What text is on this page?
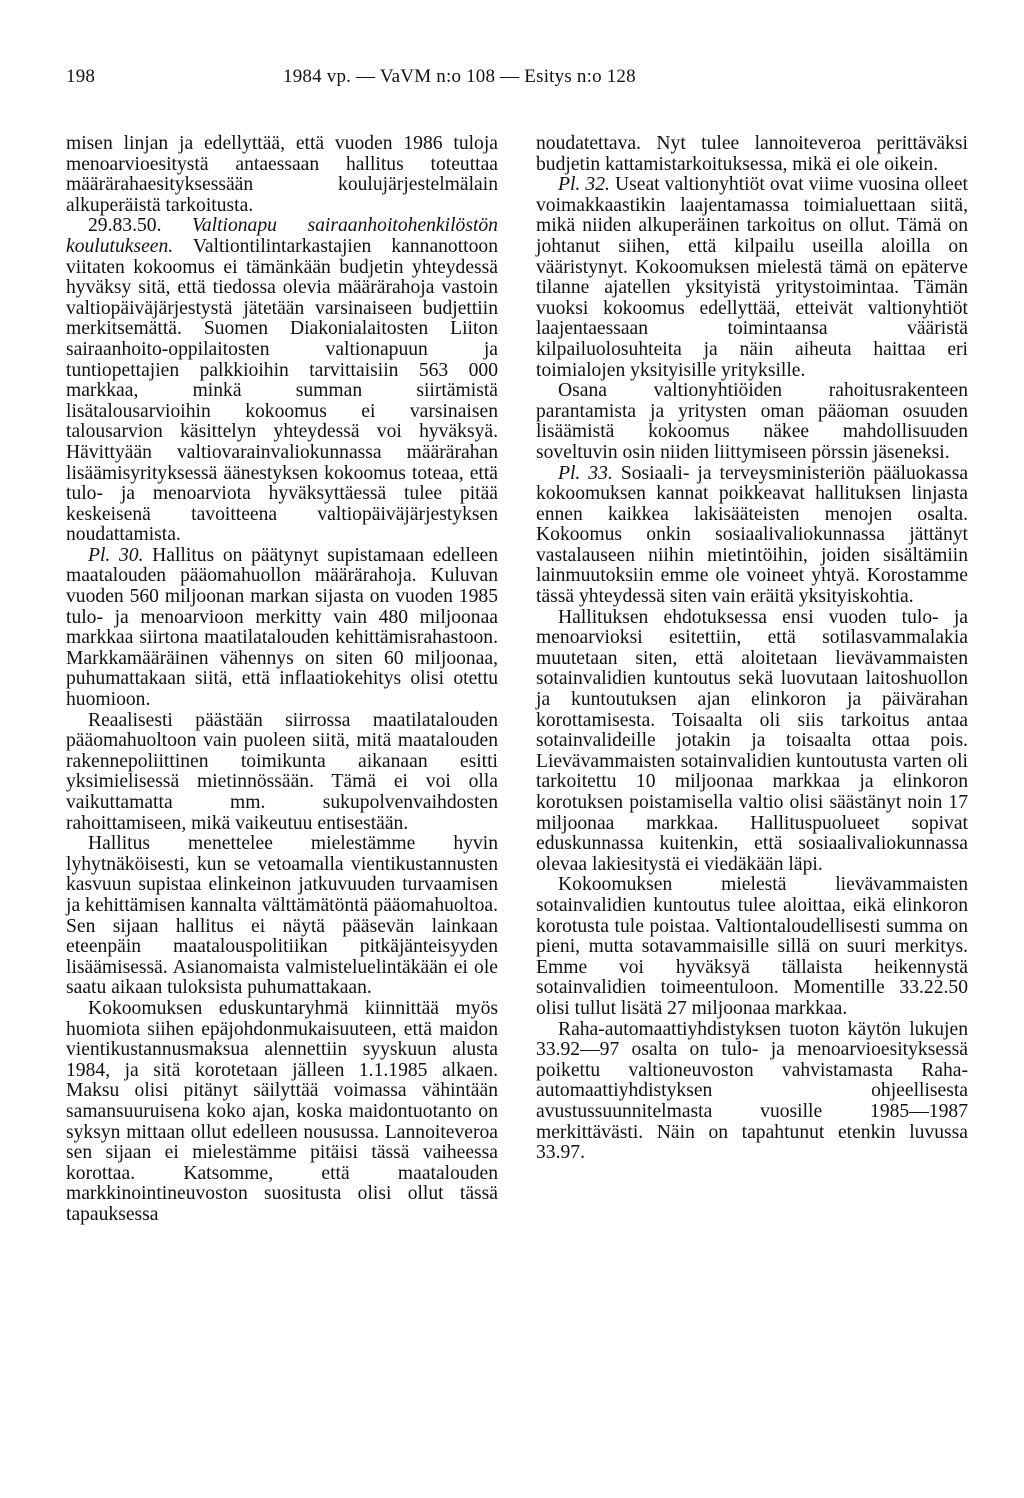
198	1984 vp. — VaVM n:o 108 — Esitys n:o 128

misen linjan ja edellyttää, että vuoden 1986 tuloja menoarvioesitystä antaessaan hallitus toteuttaa määrärahaesityksessään koulujärjestelmälain alkuperäistä tarkoitusta.

29.83.50. Valtionapu sairaanhoitohenkilöstön koulutukseen. Valtiontilintarkastajien kannanottoon viitaten kokoomus ei tämänkään budjetin yhteydessä hyväksy sitä, että tiedossa olevia määrärahoja vastoin valtiopäiväjärjestystä jätetään varsinaiseen budjettiin merkitsemättä. Suomen Diakonialaitosten Liiton sairaanhoito-oppilaitosten valtionapuun ja tuntiopettajien palkkioihin tarvittaisiin 563 000 markkaa, minkä summan siirtämistä lisätalousarvioihin kokoomus ei varsinaisen talousarvion käsittelyn yhteydessä voi hyväksyä. Hävittyään valtiovarainvaliokunnassa määrärahan lisäämisyrityksessä äänestyksen kokoomus toteaa, että tulo- ja menoarviota hyväksyttäessä tulee pitää keskeisenä tavoitteena valtiopäiväjärjestyksen noudattamista.

Pl. 30. Hallitus on päätynyt supistamaan edelleen maatalouden pääomahuollon määrärahoja. Kuluvan vuoden 560 miljoonan markan sijasta on vuoden 1985 tulo- ja menoarvioon merkitty vain 480 miljoonaa markkaa siirtona maatilatalouden kehittämisrahastoon. Markkamääräinen vähennys on siten 60 miljoonaa, puhumattakaan siitä, että inflaatiokehitys olisi otettu huomioon.

Reaalisesti päästään siirrossa maatilatalouden pääomahuoltoon vain puoleen siitä, mitä maatalouden rakennepoliittinen toimikunta aikanaan esitti yksimielisessä mietinnössään. Tämä ei voi olla vaikuttamatta mm. sukupolvenvaihdosten rahoittamiseen, mikä vaikeutuu entisestään.

Hallitus menettelee mielestämme hyvin lyhytnäköisesti, kun se vetoamalla vientikustannusten kasvuun supistaa elinkeinon jatkuvuuden turvaamisen ja kehittämisen kannalta välttämätöntä pääomahuoltoa. Sen sijaan hallitus ei näytä pääsevän lainkaan eteenpäin maatalouspolitiikan pitkäjänteisyyden lisäämisessä. Asianomaista valmisteluelintäkään ei ole saatu aikaan tuloksista puhumattakaan.

Kokoomuksen eduskuntaryhmä kiinnittää myös huomiota siihen epäjohdonmukaisuuteen, että maidon vientikustannusmaksua alennettiin syyskuun alusta 1984, ja sitä korotetaan jälleen 1.1.1985 alkaen. Maksu olisi pitänyt säilyttää voimassa vähintään samansuuruisena koko ajan, koska maidontuotanto on syksyn mittaan ollut edelleen nousussa. Lannoiteveroa sen sijaan ei mielestämme pitäisi tässä vaiheessa korottaa. Katsomme, että maatalouden markkinointineuvoston suositusta olisi ollut tässä tapauksessa

noudatettava. Nyt tulee lannoiteveroa perittäväksi budjetin kattamistarkoituksessa, mikä ei ole oikein.

Pl. 32. Useat valtionyhtiöt ovat viime vuosina olleet voimakkaastikin laajentamassa toimialuettaan siitä, mikä niiden alkuperäinen tarkoitus on ollut. Tämä on johtanut siihen, että kilpailu useilla aloilla on vääristynyt. Kokoomuksen mielestä tämä on epäterve tilanne ajatellen yksityistä yritystoimintaa. Tämän vuoksi kokoomus edellyttää, etteivät valtionyhtiöt laajentaessaan toimintaansa vääristä kilpailuolosuhteita ja näin aiheuta haittaa eri toimialojen yksityisille yrityksille.

Osana valtionyhtiöiden rahoitusrakenteen parantamista ja yritysten oman pääoman osuuden lisäämistä kokoomus näkee mahdollisuuden soveltuvin osin niiden liittymiseen pörssin jäseneksi.

Pl. 33. Sosiaali- ja terveysministeriön pääluokassa kokoomuksen kannat poikkeavat hallituksen linjasta ennen kaikkea lakisääteisten menojen osalta. Kokoomus onkin sosiaalivaliokunnassa jättänyt vastalauseen niihin mietintöihin, joiden sisältämiin lainmuutoksiin emme ole voineet yhtyä. Korostamme tässä yhteydessä siten vain eräitä yksityiskohtia.

Hallituksen ehdotuksessa ensi vuoden tulo- ja menoarvioksi esitettiin, että sotilasvammalakia muutetaan siten, että aloitetaan lievävammaisten sotainvalidien kuntoutus sekä luovutaan laitoshuollon ja kuntoutuksen ajan elinkoron ja päivärahan korottamisesta. Toisaalta oli siis tarkoitus antaa sotainvalideille jotakin ja toisaalta ottaa pois. Lievävammaisten sotainvalidien kuntoutusta varten oli tarkoitettu 10 miljoonaa markkaa ja elinkoron korotuksen poistamisella valtio olisi säästänyt noin 17 miljoonaa markkaa. Hallituspuolueet sopivat eduskunnassa kuitenkin, että sosiaalivaliokunnassa olevaa lakiesitystä ei viedäkään läpi.

Kokoomuksen mielestä lievävammaisten sotainvalidien kuntoutus tulee aloittaa, eikä elinkoron korotusta tule poistaa. Valtiontaloudellisesti summa on pieni, mutta sotavammaisille sillä on suuri merkitys. Emme voi hyväksyä tällaista heikennystä sotainvalidien toimeentuloon. Momentille 33.22.50 olisi tullut lisätä 27 miljoonaa markkaa.

Raha-automaattiyhdistyksen tuoton käytön lukujen 33.92—97 osalta on tulo- ja menoarvioesityksessä poikettu valtioneuvoston vahvistamasta Raha-automaattiyhdistyksen ohjeellisesta avustussuunnitelmasta vuosille 1985—1987 merkittävästi. Näin on tapahtunut etenkin luvussa 33.97.
